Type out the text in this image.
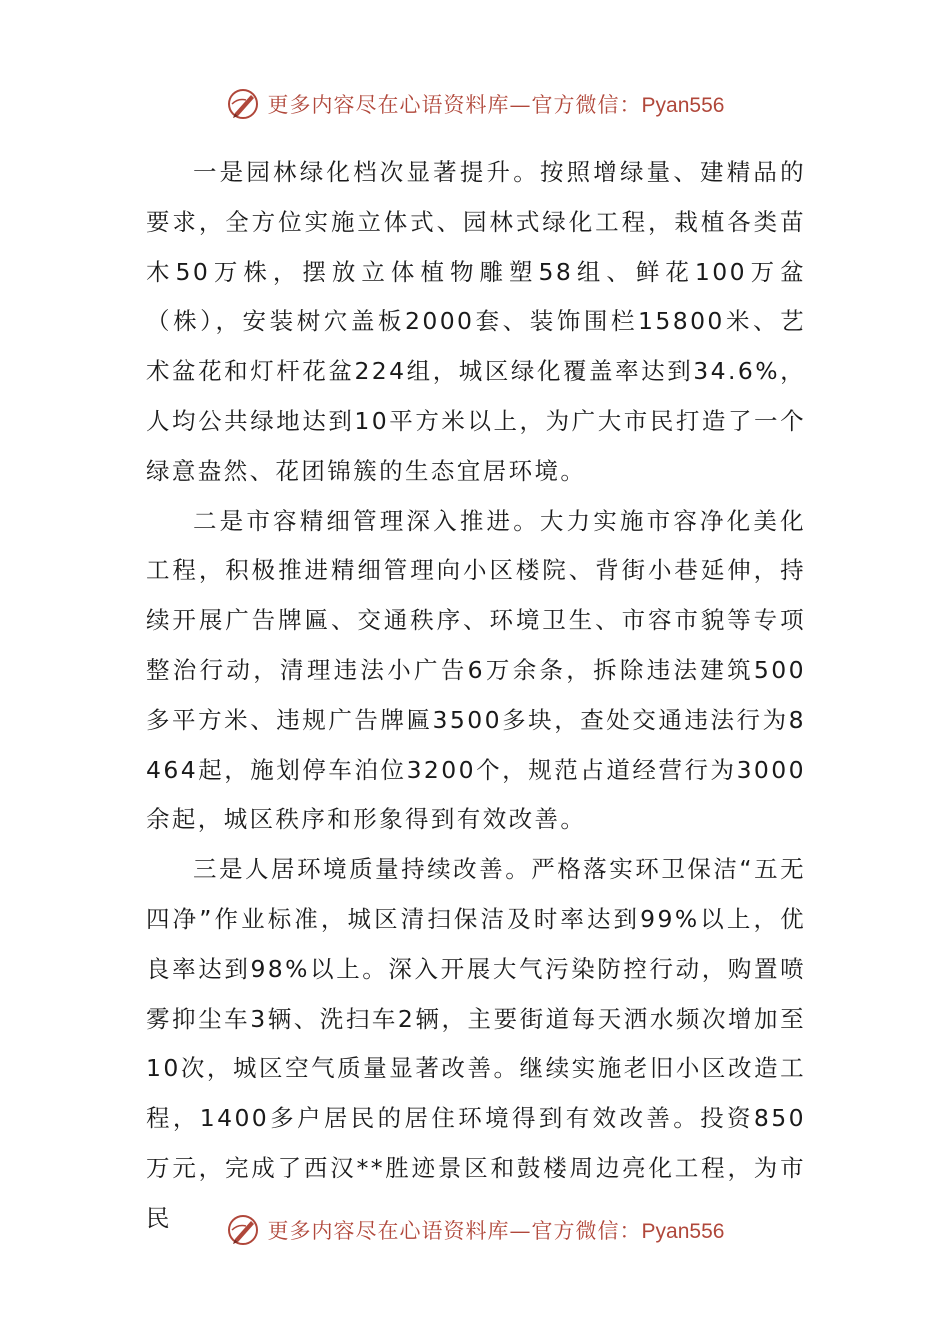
更多内容尽在心语资料库—官方微信：Pyan556

一是园林绿化档次显著提升。按照增绿量、建精品的要求，全方位实施立体式、园林式绿化工程，栽植各类苗木50万株，摆放立体植物雕塑58组、鲜花100万盆（株），安装树穴盖板2000套、装饰围栏15800米、艺术盆花和灯杆花盆224组，城区绿化覆盖率达到34.6%，人均公共绿地达到10平方米以上，为广大市民打造了一个绿意盎然、花团锦簇的生态宜居环境。

二是市容精细管理深入推进。大力实施市容净化美化工程，积极推进精细管理向小区楼院、背街小巷延伸，持续开展广告牌匾、交通秩序、环境卫生、市容市貌等专项整治行动，清理违法小广告6万余条，拆除违法建筑500多平方米、违规广告牌匾3500多块，查处交通违法行为8464起，施划停车泊位3200个，规范占道经营行为3000余起，城区秩序和形象得到有效改善。

三是人居环境质量持续改善。严格落实环卫保洁“五无四净”作业标准，城区清扫保洁及时率达到99%以上，优良率达到98%以上。深入开展大气污染防控行动，购置喷雾抑尘车3辆、洗扫车2辆，主要街道每天洒水频次增加至10次，城区空气质量显著改善。继续实施老旧小区改造工程，1400多户居民的居住环境得到有效改善。投资850万元，完成了西汉**胜迹景区和鼓楼周边亮化工程，为市民	更多内容尽在心语资料库—官方微信：Pyan556
